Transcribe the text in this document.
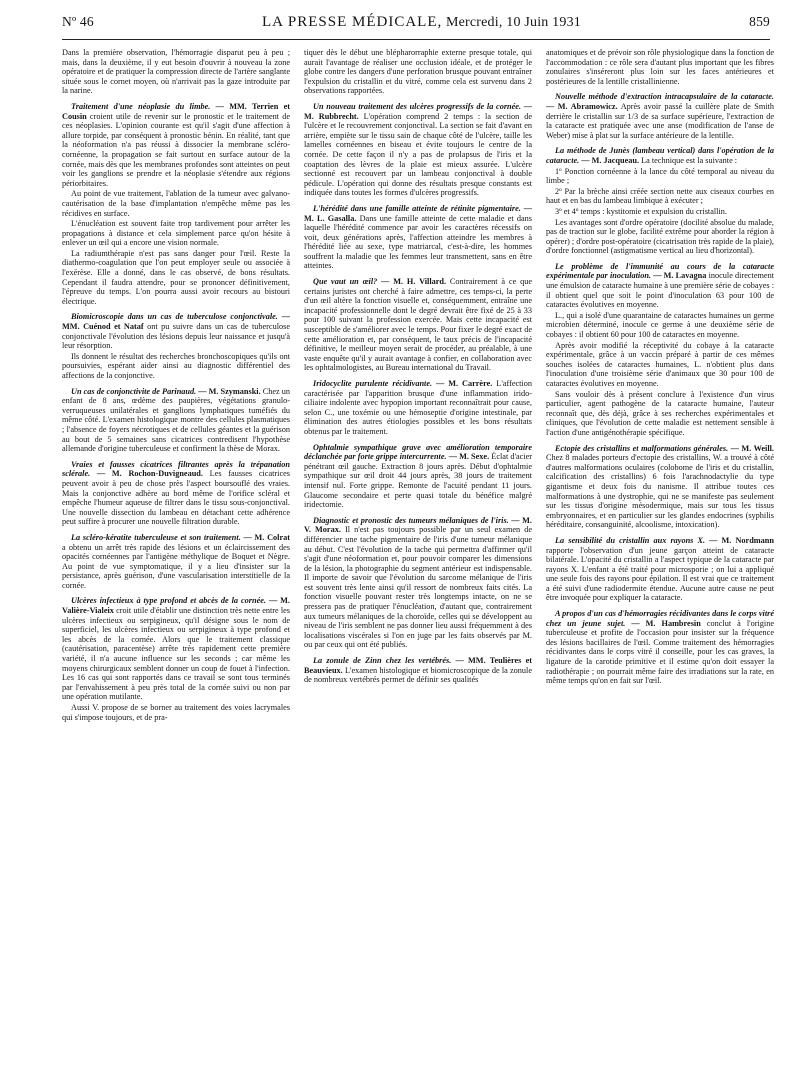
Nº 46	LA PRESSE MÉDICALE, Mercredi, 10 Juin 1931	859

Dans la première observation, l'hémorragie disparut peu à peu ; mais, dans la deuxième, il y eut besoin d'ouvrir à nouveau la zone opératoire et de pratiquer la compression directe de l'artère sanglante située sous le cornet moyen, où n'arrivait pas la gaze introduite par la narine.

Traitement d'une néoplasie du limbe. — MM. Terrien et Cousin croient utile de revenir sur le pronostic et le traitement de ces néoplasies. L'opinion courante est qu'il s'agit d'une affection à allure torpide, par conséquent à pronostic bénin. En réalité, tant que la néoformation n'a pas réussi à dissocier la membrane scléro-cornéenne, la propagation se fait surtout en surface autour de la cornée, mais dès que les membranes profondes sont atteintes on peut voir les ganglions se prendre et la néoplasie s'étendre aux régions périorbitaires.

Au point de vue traitement, l'ablation de la tumeur avec galvano-cautérisation de la base d'implantation n'empêche même pas les récidives en surface.

L'énucléation est souvent faite trop tardivement pour arrêter les propagations à distance et cela simplement parce qu'on hésite à enlever un œil qui a encore une vision normale.

La radiumthérapie n'est pas sans danger pour l'œil. Reste la diathermo-coagulation que l'on peut employer seule ou associée à l'exérèse. Elle a donné, dans le cas observé, de bons résultats. Cependant il faudra attendre, pour se prononcer définitivement, l'épreuve du temps. L'on pourra aussi avoir recours au bistouri électrique.

Biomicroscopie dans un cas de tuberculose conjonctivale. — MM. Cuénod et Nataf ont pu suivre dans un cas de tuberculose conjonctivale l'évolution des lésions depuis leur naissance et jusqu'à leur résorption.

Ils donnent le résultat des recherches bronchoscopiques qu'ils ont poursuivies, espérant aider ainsi au diagnostic différentiel des affections de la conjonctive.

Un cas de conjonctivite de Parinaud. — M. Szymanski. Chez un enfant de 8 ans, œdème des paupières, végétations granulo-verruqueuses unilatérales et ganglions lymphatiques tuméfiés du même côté. L'examen histologique montre des cellules plasmatiques ; l'absence de foyers nécrotiques et de cellules géantes et la guérison au bout de 5 semaines sans cicatrices contredisent l'hypothèse allemande d'origine tuberculeuse et confirment la thèse de Morax.

Vraies et fausses cicatrices filtrantes après la trépanation sclérale. — M. Rochon-Duvigneaud. Les fausses cicatrices peuvent avoir à peu de chose près l'aspect boursouflé des vraies. Mais la conjonctive adhère au bord même de l'orifice scléral et empêche l'humeur aqueuse de filtrer dans le tissu sous-conjonctival. Une nouvelle dissection du lambeau en détachant cette adhérence peut suffire à procurer une nouvelle filtration durable.

La scléro-kératite tuberculeuse et son traitement. — M. Colrat a obtenu un arrêt très rapide des lésions et un éclaircissement des opacités cornéennes par l'antigène méthylique de Boquet et Nègre. Au point de vue symptomatique, il y a lieu d'insister sur la persistance, après guérison, d'une vascularisation interstitielle de la cornée.

Ulcères infectieux à type profond et abcès de la cornée. — M. Valière-Vialeix croit utile d'établir une distinction très nette entre les ulcères infectieux ou serpigineux, qu'il désigne sous le nom de superficiel, les ulcères infectieux ou serpigineux à type profond et les abcès de la cornée. Alors que le traitement classique (cautérisation, paracentèse) arrête très rapidement cette première variété, il n'a aucune influence sur les seconds ; car même les moyens chirurgicaux semblent donner un coup de fouet à l'infection. Les 16 cas qui sont rapportés dans ce travail se sont tous terminés par l'envahissement à peu près total de la cornée suivi ou non par une opération mutilante.

Aussi V. propose de se borner au traitement des voies lacrymales qui s'impose toujours, et de pra-

tiquer dès le début une blépharorraphie externe presque totale, qui aurait l'avantage de réaliser une occlusion idéale, et de protéger le globe contre les dangers d'une perforation brusque pouvant entraîner l'expulsion du cristallin et du vitré, comme cela est survenu dans 2 observations rapportées.

Un nouveau traitement des ulcères progressifs de la cornée. — M. Rubbrecht. L'opération comprend 2 temps : la section de l'ulcère et le recouvrement conjonctival. La section se fait d'avant en arrière, empiète sur le tissu sain de chaque côté de l'ulcère, taille les lamelles cornéennes en biseau et évite toujours le centre de la cornée. De cette façon il n'y a pas de prolapsus de l'iris et la coaptation des lèvres de la plaie est mieux assurée. L'ulcère sectionné est recouvert par un lambeau conjonctival à double pédicule. L'opération qui donne des résultats presque constants est indiquée dans toutes les formes d'ulcères progressifs.

L'hérédité dans une famille atteinte de rétinite pigmentaire. — M. L. Gasalla. Dans une famille atteinte de cette maladie et dans laquelle l'hérédité commence par avoir les caractères récessifs on voit, deux générations après, l'affection atteindre les membres à l'hérédité liée au sexe, type matriarcal, c'est-à-dire, les hommes souffrent la maladie que les femmes leur transmettent, sans en être atteintes.

Que vaut un œil? — M. H. Villard. Contrairement à ce que certains juristes ont cherché à faire admettre, ces temps-ci, la perte d'un œil altère la fonction visuelle et, conséquemment, entraîne une incapacité professionnelle dont le degré devrait être fixé de 25 à 33 pour 100 suivant la profession exercée. Mais cette incapacité est susceptible de s'améliorer avec le temps. Pour fixer le degré exact de cette amélioration et, par conséquent, le taux précis de l'incapacité définitive, le meilleur moyen serait de procéder, au préalable, à une vaste enquête qu'il y aurait avantage à confier, en collaboration avec les ophtalmologistes, au Bureau international du Travail.

Iridocyclite purulente récidivante. — M. Carrère. L'affection caractérisée par l'apparition brusque d'une inflammation irido-ciliaire indolente avec hypopion important reconnaîtrait pour cause, selon C., une toxémie ou une hémoseptie d'origine intestinale, par élimination des autres étiologies possibles et les bons résultats obtenus par le traitement.

Ophtalmie sympathique grave avec amélioration temporaire déclanchée par forte grippe intercurrente. — M. Sexe. Éclat d'acier pénétrant œil gauche. Extraction 8 jours après. Début d'ophtalmie sympathique sur œil droit 44 jours après, 38 jours de traitement intensif nul. Forte grippe. Remonte de l'acuité pendant 11 jours. Glaucome secondaire et perte quasi totale du bénéfice malgré iridectomie.

Diagnostic et pronostic des tumeurs mélaniques de l'iris. — M. V. Morax. Il n'est pas toujours possible par un seul examen de différencier une tache pigmentaire de l'iris d'une tumeur mélanique au début. C'est l'évolution de la tache qui permettra d'affirmer qu'il s'agit d'une néoformation et, pour pouvoir comparer les dimensions de la lésion, la photographie du segment antérieur est indispensable. Il importe de savoir que l'évolution du sarcome mélanique de l'iris est souvent très lente ainsi qu'il ressort de nombreux faits cités. La fonction visuelle pouvant rester très longtemps intacte, on ne se pressera pas de pratiquer l'énucléation, d'autant que, contrairement aux tumeurs mélaniques de la choroïde, celles qui se développent au niveau de l'iris semblent ne pas donner lieu aussi fréquemment à des localisations viscérales si l'on en juge par les faits observés par M. ou par ceux qui ont été publiés.

La zonule de Zinn chez les vertébrés. — MM. Teulières et Beauvieux. L'examen histologique et biomicroscopique de la zonule de nombreux vertébrés permet de définir ses qualités

anatomiques et de prévoir son rôle physiologique dans la fonction de l'accommodation : ce rôle sera d'autant plus important que les fibres zonulaires s'inséreront plus loin sur les faces antérieures et postérieures de la lentille cristallinienne.

Nouvelle méthode d'extraction intracapsulaire de la cataracte. — M. Abramowicz. Après avoir passé la cuillère plate de Smith derrière le cristallin sur 1/3 de sa surface supérieure, l'extraction de la cataracte est pratiquée avec une anse (modification de l'anse de Weber) mise à plat sur la surface antérieure de la lentille.

La méthode de Junès (lambeau vertical) dans l'opération de la cataracte. — M. Jacqueau. La technique est la suivante :

1º Ponction cornéenne à la lance du côté temporal au niveau du limbe ;

2º Par la brèche ainsi créée section nette aux ciseaux courbes en haut et en bas du lambeau limbique à exécuter ;

3º et 4º temps : kystitomie et expulsion du cristallin.

Les avantages sont d'ordre opératoire (docilité absolue du malade, pas de traction sur le globe, facilité extrême pour aborder la région à opérer) ; d'ordre post-opératoire (cicatrisation très rapide de la plaie), d'ordre fonctionnel (astigmatisme vertical au lieu d'horizontal).

Le problème de l'immunité au cours de la cataracte expérimentale par inoculation. — M. Lavagna inocule directement une émulsion de cataracte humaine à une première série de cobayes : il obtient quel que soit le point d'inoculation 63 pour 100 de cataractes évolutives en moyenne.

L., qui a isolé d'une quarantaine de cataractes humaines un germe microbien déterminé, inocule ce germe à une deuxième série de cobayes : il obtient 60 pour 100 de cataractes en moyenne.

Après avoir modifié la réceptivité du cobaye à la cataracte expérimentale, grâce à un vaccin préparé à partir de ces mêmes souches isolées de cataractes humaines, L. n'obtient plus dans l'inoculation d'une troisième série d'animaux que 30 pour 100 de cataractes évolutives en moyenne.

Sans vouloir dès à présent conclure à l'existence d'un virus particulier, agent pathogène de la cataracte humaine, l'auteur reconnaît que, dès déjà, grâce à ses recherches expérimentales et cliniques, que l'évolution de cette maladie est nettement sensible à l'action d'une antigénothérapie spécifique.

Ectopie des cristallins et malformations générales. — M. Weill. Chez 8 malades porteurs d'ectopie des cristallins, W. a trouvé à côté d'autres malformations oculaires (colobome de l'iris et du cristallin, calcification des cristallins) 6 fois l'arachnodactylie du type gigantisme et deux fois du nanisme. Il attribue toutes ces malformations à une dystrophie, qui ne se manifeste pas seulement sur les tissus d'origine mésodermique, mais sur tous les tissus embryonnaires, et en particulier sur les glandes endocrines (syphilis héréditaire, consanguinité, alcoolisme, intoxication).

La sensibilité du cristallin aux rayons X. — M. Nordmann rapporte l'observation d'un jeune garçon atteint de cataracte bilatérale. L'opacité du cristallin a l'aspect typique de la cataracte par rayons X. L'enfant a été traité pour microsporie ; on lui a appliqué une seule fois des rayons pour épilation. Il est vrai que ce traitement a été suivi d'une radiodermite étendue. Aucune autre cause ne peut être invoquée pour expliquer la cataracte.

A propos d'un cas d'hémorragies récidivantes dans le corps vitré chez un jeune sujet. — M. Hambresin conclut à l'origine tuberculeuse et profite de l'occasion pour insister sur la fréquence des lésions bacillaires de l'œil. Comme traitement des hémorragies récidivantes dans le corps vitré il conseille, pour les cas graves, la ligature de la carotide primitive et il estime qu'on doit essayer la radiothérapie ; on pourrait même faire des irradiations sur la rate, en même temps qu'on en fait sur l'œil.
